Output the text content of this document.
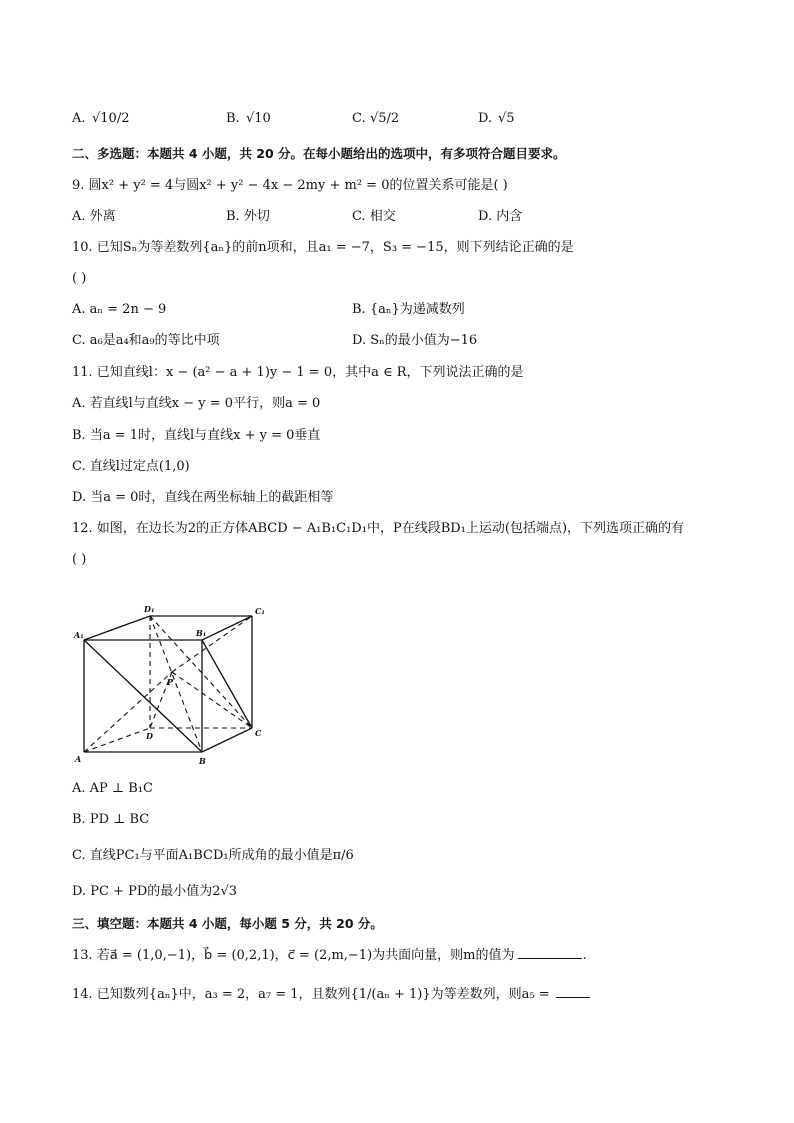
A. √10/2	B. √10	C. √5/2	D. √5
二、多选题：本题共 4 小题，共 20 分。在每小题给出的选项中，有多项符合题目要求。
9. 圆x² + y² = 4与圆x² + y² − 4x − 2my + m² = 0的位置关系可能是( )
A. 外离	B. 外切	C. 相交	D. 内含
10. 已知Sₙ为等差数列{aₙ}的前n项和，且a₁ = −7，S₃ = −15，则下列结论正确的是
( )
A. aₙ = 2n − 9	B. {aₙ}为递减数列
C. a₆是a₄和a₉的等比中项	D. Sₙ的最小值为−16
11. 已知直线l：x − (a² − a + 1)y − 1 = 0，其中a ∈ R，下列说法正确的是
A. 若直线l与直线x − y = 0平行，则a = 0
B. 当a = 1时，直线l与直线x + y = 0垂直
C. 直线l过定点(1,0)
D. 当a = 0时，直线在两坐标轴上的截距相等
12. 如图，在边长为2的正方体ABCD − A₁B₁C₁D₁中，P在线段BD₁上运动(包括端点)，下列选项正确的有
( )
A₁
D₁
B₁
C₁
P
D	C
A	B
A. AP ⊥ B₁C
B. PD ⊥ BC
C. 直线PC₁与平面A₁BCD₁所成角的最小值是π/6
D. PC + PD的最小值为2√3
三、填空题：本题共 4 小题，每小题 5 分，共 20 分。
13. 若a⃗ = (1,0,−1)，b⃗ = (0,2,1)，c⃗ = (2,m,−1)为共面向量，则m的值为	.
14. 已知数列{aₙ}中，a₃ = 2，a₇ = 1，且数列{1/(aₙ + 1)}为等差数列，则a₅ =
